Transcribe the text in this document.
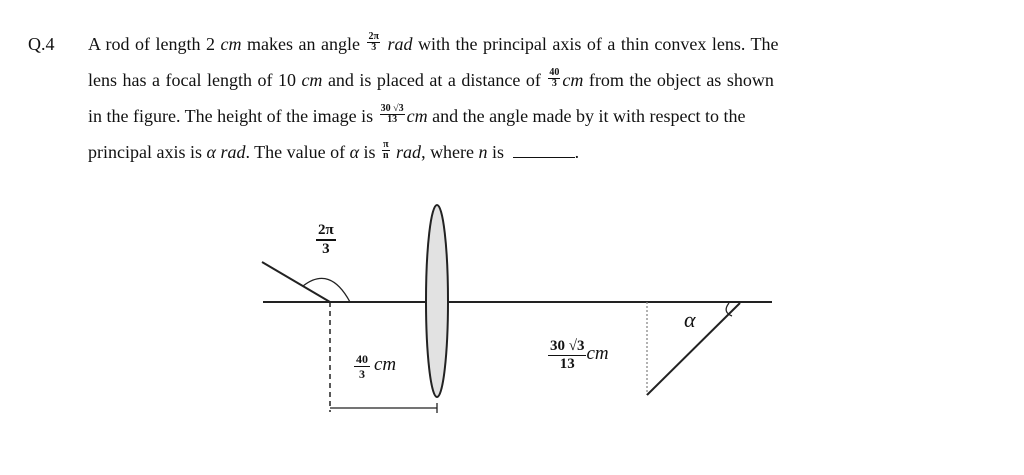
Q.4 A rod of length 2 cm makes an angle $\frac{2\pi}{3}$ rad with the principal axis of a thin convex lens. The
lens has a focal length of 10 cm and is placed at a distance of $\frac{40}{3}$ cm from the object as shown
in the figure. The height of the image is $\frac{30 √3}{13}$ cm and the angle made by it with respect to the
principal axis is α rad. The value of α is $\frac{\pi}{n}$ rad, where n is	.
$\frac{2\pi}{3}$
$\frac{40}{3}$ cm	$\frac{30 √3}{13}$ cm
α
